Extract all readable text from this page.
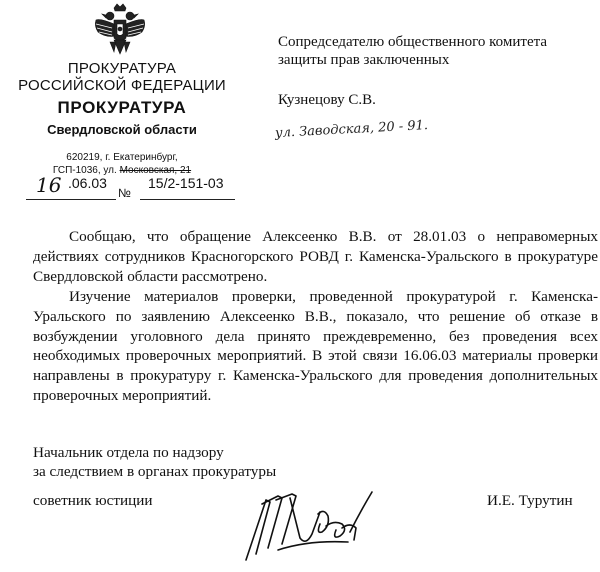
ПРОКУРАТУРА
РОССИЙСКОЙ ФЕДЕРАЦИИ
ПРОКУРАТУРА
Свердловской области
620219, г. Екатеринбург,
ГСП-1036, ул. Московская, 21
16 .06.03
№
15/2-151-03
Сопредседателю общественного комитета
защиты прав заключенных
Кузнецову С.В.
ул. Заводская, 20 - 91.
Сообщаю, что обращение Алексеенко В.В. от 28.01.03 о неправомерных действиях сотрудников Красногорского РОВД г. Каменска-Уральского в прокуратуре Свердловской области рассмотрено.
Изучение материалов проверки, проведенной прокуратурой г. Каменска-Уральского по заявлению Алексеенко В.В., показало, что решение об отказе в возбуждении уголовного дела принято преждевременно, без проведения всех необходимых проверочных мероприятий. В этой связи 16.06.03 материалы проверки направлены в прокуратуру г. Каменска-Уральского для проведения дополнительных проверочных мероприятий.
Начальник отдела по надзору
за следствием в органах прокуратуры
советник юстиции	И.Е. Турутин
